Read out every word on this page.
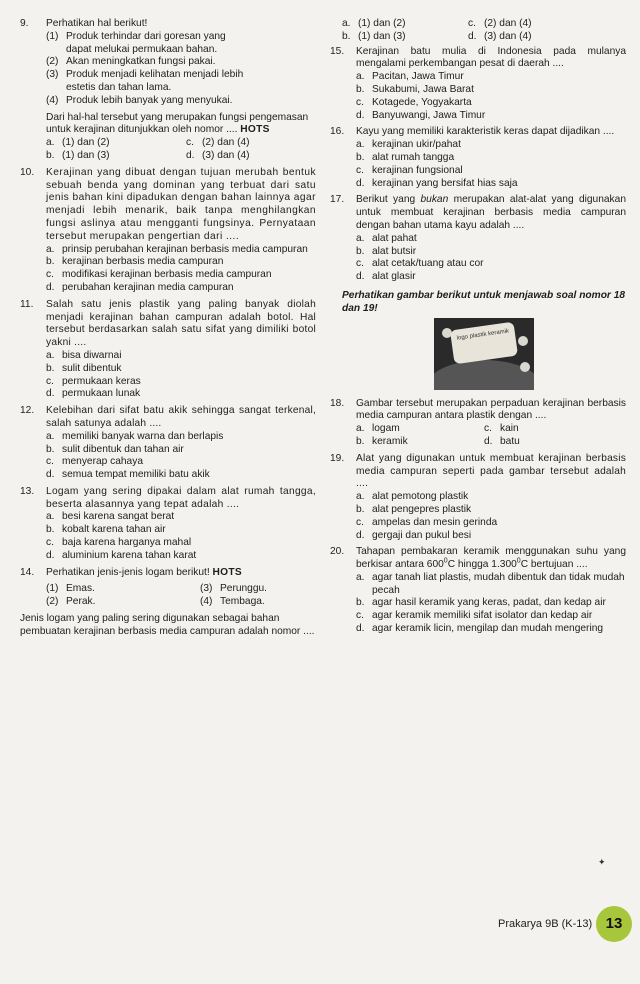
9.	Perhatikan hal berikut!
(1) Produk terhindar dari goresan yang
dapat melukai permukaan bahan.
(2) Akan meningkatkan fungsi pakai.
(3) Produk menjadi kelihatan menjadi lebih
estetis dan tahan lama.
(4) Produk lebih banyak yang menyukai.
Dari hal-hal tersebut yang merupakan fungsi pengemasan untuk kerajinan ditunjukkan oleh nomor .... HOTS
a. (1) dan (2)	c. (2) dan (4)
b. (1) dan (3)	d. (3) dan (4)
10.	Kerajinan yang dibuat dengan tujuan merubah bentuk sebuah benda yang dominan yang terbuat dari satu jenis bahan kini dipadukan dengan bahan lainnya agar menjadi lebih menarik, baik tanpa menghilangkan fungsi aslinya atau mengganti fungsinya. Pernyataan tersebut merupakan pengertian dari ....
a. prinsip perubahan kerajinan berbasis media campuran
b. kerajinan berbasis media campuran
c. modifikasi kerajinan berbasis media campuran
d. perubahan kerajinan media campuran
11.	Salah satu jenis plastik yang paling banyak diolah menjadi kerajinan bahan campuran adalah botol. Hal tersebut berdasarkan salah satu sifat yang dimiliki botol yakni ....
a. bisa diwarnai
b. sulit dibentuk
c. permukaan keras
d. permukaan lunak
12.	Kelebihan dari sifat batu akik sehingga sangat terkenal, salah satunya adalah ....
a. memiliki banyak warna dan berlapis
b. sulit dibentuk dan tahan air
c. menyerap cahaya
d. semua tempat memiliki batu akik
13.	Logam yang sering dipakai dalam alat rumah tangga, beserta alasannya yang tepat adalah ....
a. besi karena sangat berat
b. kobalt karena tahan air
c. baja karena harganya mahal
d. aluminium karena tahan karat
14.	Perhatikan jenis-jenis logam berikut! HOTS
(1) Emas.	(3) Perunggu.
(2) Perak.	(4) Tembaga.
Jenis logam yang paling sering digunakan sebagai bahan pembuatan kerajinan berbasis media campuran adalah nomor ....
a. (1) dan (2)	c. (2) dan (4)
b. (1) dan (3)	d. (3) dan (4)
15.	Kerajinan batu mulia di Indonesia pada mulanya mengalami perkembangan pesat di daerah ....
a. Pacitan, Jawa Timur
b. Sukabumi, Jawa Barat
c. Kotagede, Yogyakarta
d. Banyuwangi, Jawa Timur
16.	Kayu yang memiliki karakteristik keras dapat dijadikan ....
a. kerajinan ukir/pahat
b. alat rumah tangga
c. kerajinan fungsional
d. kerajinan yang bersifat hias saja
17.	Berikut yang bukan merupakan alat-alat yang digunakan untuk membuat kerajinan berbasis media campuran dengan bahan utama kayu adalah ....
a. alat pahat
b. alat butsir
c. alat cetak/tuang atau cor
d. alat glasir
Perhatikan gambar berikut untuk menjawab soal nomor 18 dan 19!
logo plastik keramik
18.	Gambar tersebut merupakan perpaduan kerajinan berbasis media campuran antara plastik dengan ....
a. logam	c. kain
b. keramik	d. batu
19.	Alat yang digunakan untuk membuat kerajinan berbasis media campuran seperti pada gambar tersebut adalah ....
a. alat pemotong plastik
b. alat pengepres plastik
c. ampelas dan mesin gerinda
d. gergaji dan pukul besi
20.	Tahapan pembakaran keramik menggunakan suhu yang berkisar antara $600^0C$ hingga 1.300$^0$C bertujuan ....
a. agar tanah liat plastis, mudah dibentuk dan tidak mudah pecah
b. agar hasil keramik yang keras, padat, dan kedap air
c. agar keramik memiliki sifat isolator dan kedap air
d. agar keramik licin, mengilap dan mudah mengering
✦
Prakarya 9B (K-13) 13
